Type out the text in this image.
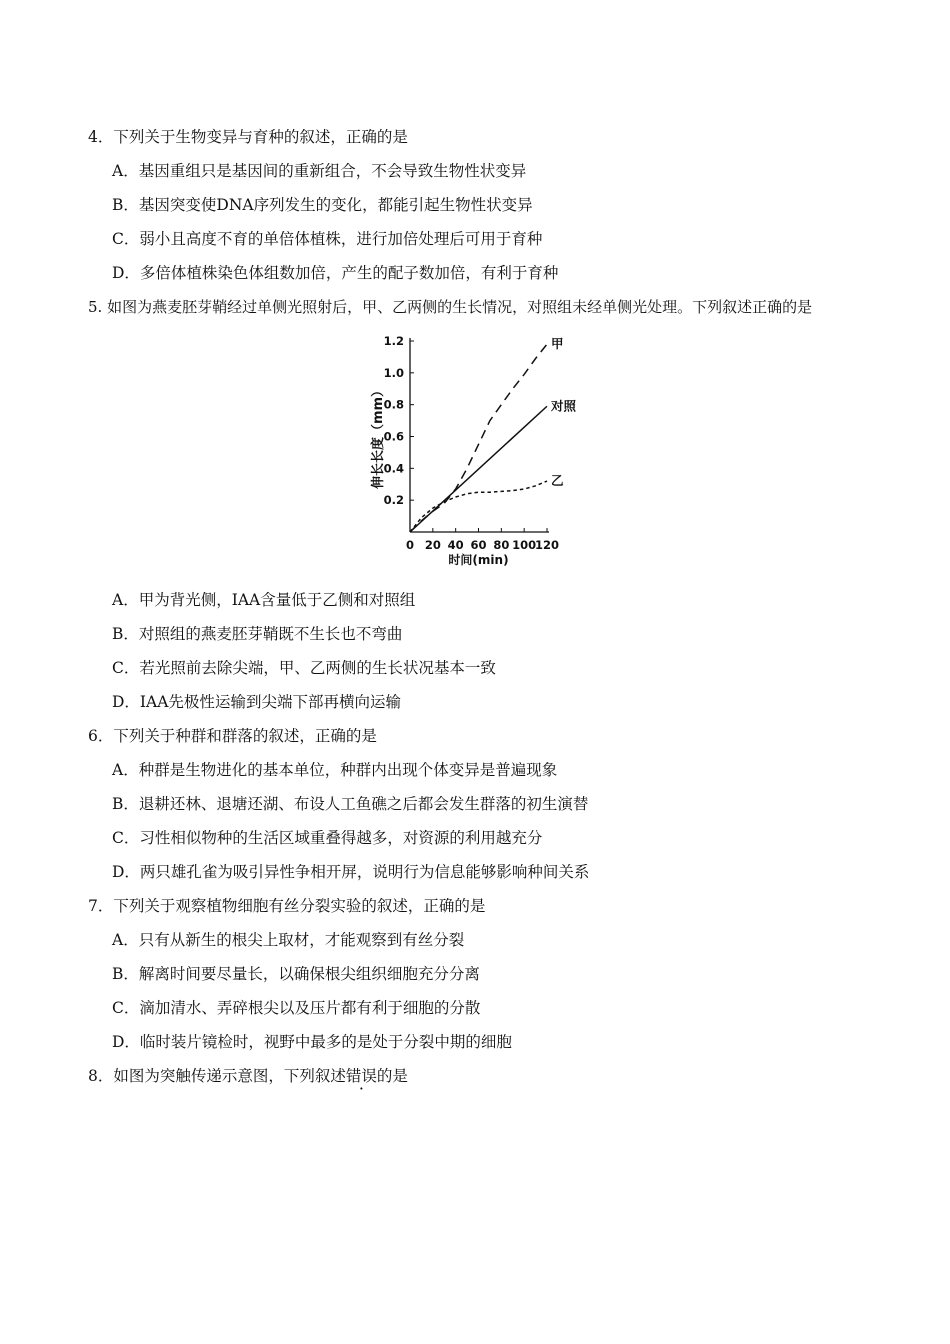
4．下列关于生物变异与育种的叙述，正确的是
A．基因重组只是基因间的重新组合，不会导致生物性状变异
B．基因突变使DNA序列发生的变化，都能引起生物性状变异
C．弱小且高度不育的单倍体植株，进行加倍处理后可用于育种
D．多倍体植株染色体组数加倍，产生的配子数加倍，有利于育种
5. 如图为燕麦胚芽鞘经过单侧光照射后，甲、乙两侧的生长情况，对照组未经单侧光处理。下列叙述正确的是
0.2
0.4
0.6
0.8
1.0
1.2
0 20 40 60 80 100
120
甲
对照
乙
时间(min)
伸长长度（mm）
A．甲为背光侧，IAA含量低于乙侧和对照组
B．对照组的燕麦胚芽鞘既不生长也不弯曲
C．若光照前去除尖端，甲、乙两侧的生长状况基本一致
D．IAA先极性运输到尖端下部再横向运输
6．下列关于种群和群落的叙述，正确的是
A．种群是生物进化的基本单位，种群内出现个体变异是普遍现象
B．退耕还林、退塘还湖、布设人工鱼礁之后都会发生群落的初生演替
C．习性相似物种的生活区域重叠得越多，对资源的利用越充分
D．两只雄孔雀为吸引异性争相开屏，说明行为信息能够影响种间关系
7．下列关于观察植物细胞有丝分裂实验的叙述，正确的是
A．只有从新生的根尖上取材，才能观察到有丝分裂
B．解离时间要尽量长，以确保根尖组织细胞充分分离
C．滴加清水、弄碎根尖以及压片都有利于细胞的分散
D．临时装片镜检时，视野中最多的是处于分裂中期的细胞
8．如图为突触传递示意图，下列叙述错误的是
